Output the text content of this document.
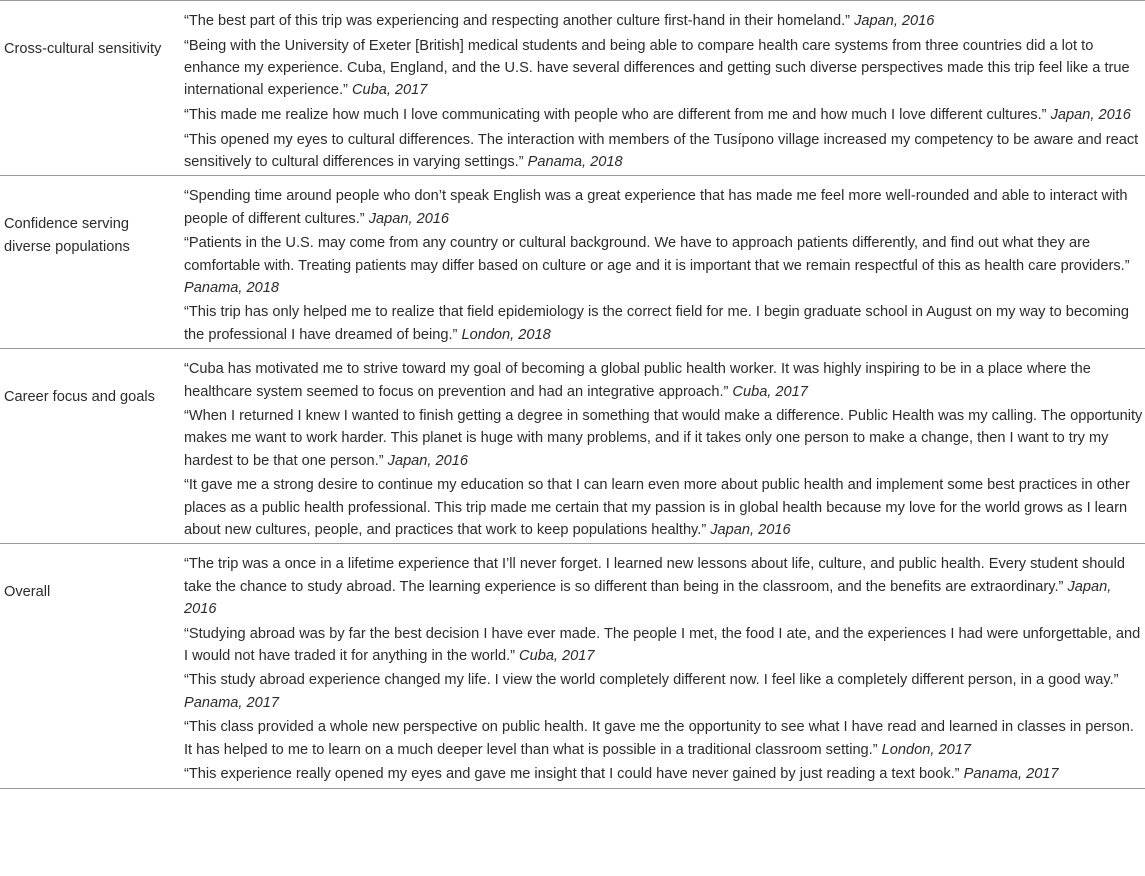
Cross-cultural sensitivity	“The best part of this trip was experiencing and respecting another culture first-hand in their homeland.” Japan, 2016
“Being with the University of Exeter [British] medical students and being able to compare health care systems from three countries did a lot to enhance my experience. Cuba, England, and the U.S. have several differences and getting such diverse perspectives made this trip feel like a true international experience.” Cuba, 2017
“This made me realize how much I love communicating with people who are different from me and how much I love different cultures.” Japan, 2016
“This opened my eyes to cultural differences. The interaction with members of the Tusípono village increased my competency to be aware and react sensitively to cultural differences in varying settings.” Panama, 2018

Confidence serving diverse populations	“Spending time around people who don’t speak English was a great experience that has made me feel more well-rounded and able to interact with people of different cultures.” Japan, 2016
“Patients in the U.S. may come from any country or cultural background. We have to approach patients differently, and find out what they are comfortable with. Treating patients may differ based on culture or age and it is important that we remain respectful of this as health care providers.” Panama, 2018
“This trip has only helped me to realize that field epidemiology is the correct field for me. I begin graduate school in August on my way to becoming the professional I have dreamed of being.” London, 2018

Career focus and goals	“Cuba has motivated me to strive toward my goal of becoming a global public health worker. It was highly inspiring to be in a place where the healthcare system seemed to focus on prevention and had an integrative approach.” Cuba, 2017
“When I returned I knew I wanted to finish getting a degree in something that would make a difference. Public Health was my calling. The opportunity makes me want to work harder. This planet is huge with many problems, and if it takes only one person to make a change, then I want to try my hardest to be that one person.” Japan, 2016
“It gave me a strong desire to continue my education so that I can learn even more about public health and implement some best practices in other places as a public health professional. This trip made me certain that my passion is in global health because my love for the world grows as I learn about new cultures, people, and practices that work to keep populations healthy.” Japan, 2016

Overall	“The trip was a once in a lifetime experience that I’ll never forget. I learned new lessons about life, culture, and public health. Every student should take the chance to study abroad. The learning experience is so different than being in the classroom, and the benefits are extraordinary.” Japan, 2016
“Studying abroad was by far the best decision I have ever made. The people I met, the food I ate, and the experiences I had were unforgettable, and I would not have traded it for anything in the world.” Cuba, 2017
“This study abroad experience changed my life. I view the world completely different now. I feel like a completely different person, in a good way.” Panama, 2017
“This class provided a whole new perspective on public health. It gave me the opportunity to see what I have read and learned in classes in person. It has helped to me to learn on a much deeper level than what is possible in a traditional classroom setting.” London, 2017
“This experience really opened my eyes and gave me insight that I could have never gained by just reading a text book.” Panama, 2017
